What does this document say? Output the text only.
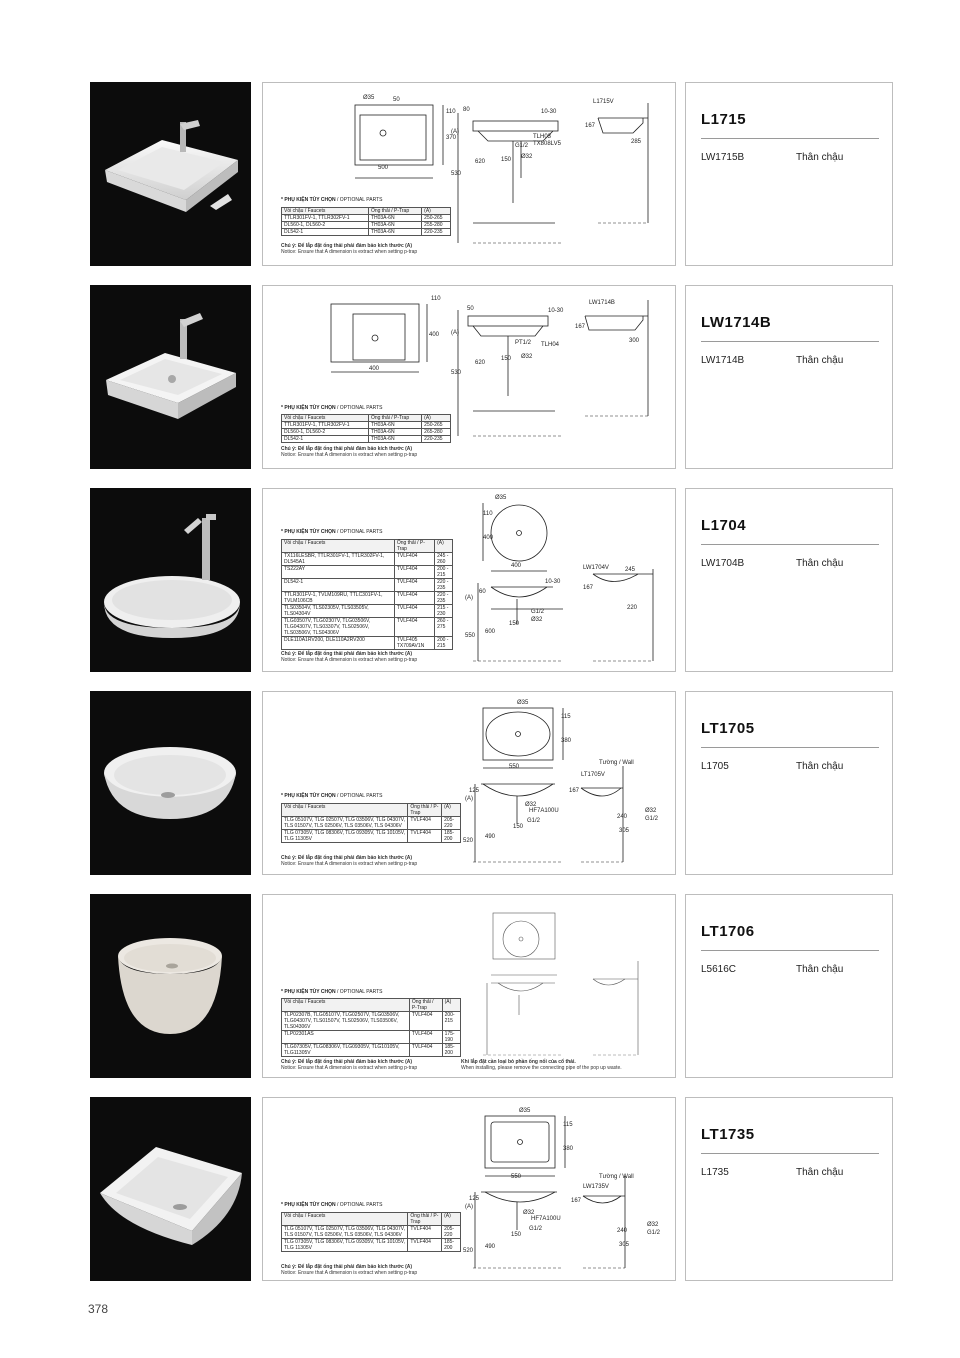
Ø35	50
500
110
370
80	10-30
TLH03
TX808LV5
G1/2
Ø32
150
620
530
(A)
L1715V
167
285
* PHỤ KIỆN TÙY CHỌN / OPTIONAL PARTS
Vòi chậu / Faucets	Ống thải / P-Trap	(A)
TTLR301FV-1, TTLR302FV-1	TH03A-6N	250-265
DL560-1, DL560-2	TH03A-6N	255-280
DL542-1	TH03A-6N	220-235
Chú ý: Để lắp đặt ống thải phải đảm bảo kích thước (A)
Notice: Ensure that A dimension is extract when setting p-trap
L1715
LW1715B	Thân chậu
110
400
400
50	10-30
TLH04
PT1/2
Ø32
150
620
530
(A)
LW1714B
167
300
* PHỤ KIỆN TÙY CHỌN / OPTIONAL PARTS
Vòi chậu / Faucets	Ống thải / P-Trap	(A)
TTLR301FV-1, TTLR302FV-1	TH03A-6N	250-265
DL560-1, DL560-2	TH03A-6N	265-280
DL542-1	TH03A-6N	220-235
Chú ý: Để lắp đặt ống thải phải đảm bảo kích thước (A)
Notice: Ensure that A dimension is extract when setting p-trap
LW1714B
LW1714B	Thân chậu
Ø35
110
400
400
60
10-30
G1/2
Ø32
150
600
550
(A)
LW1704V
167
245
220
* PHỤ KIỆN TÙY CHỌN / OPTIONAL PARTS
Vòi chậu / Faucets	Ống thải / P-Trap	(A)
TX116LESBR, TTLR301FV-1, TTLR302FV-1, DL545A1	TVLF404	245 - 260
TS222AY	TVLF404	200 - 215
DL542-1	TVLF404	220 - 235
TTLR301FV-1, TVLM109RU, TTLC301FV-1, TVLM106CB	TVLF404	220 - 235
TLS03504V, TLS02305V, TLS03505V, TLS04304V	TVLF404	215 - 230
TLG03507V, TLG02307V, TLG03506V, TLG04307V, TLS03307V, TLS02506V, TLS03506V, TLS04306V	TVLF404	260 - 275
DLE110A1RV200, DLE110A2RV200	TVLF405 TX709AV1N	200 - 215
Chú ý: Để lắp đặt ống thải phải đảm bảo kích thước (A)
Notice: Ensure that A dimension is extract when setting p-trap
L1704
LW1704B	Thân chậu
Ø35
115
380
550
125
Ø32
HF7A100U
G1/2
150
490
520
(A)
Tường / Wall
LT1705V
167
240
305
Ø32
G1/2
* PHỤ KIỆN TÙY CHỌN / OPTIONAL PARTS
Vòi chậu / Faucets	Ống thải / P-Trap	(A)
TLG 05107V, TLG 02507V, TLG 03506V, TLG 04307V, TLS 01507V, TLS 02506V, TLS 03506V, TLS 04306V	TVLF404	205-220
TLG 07305V, TLG 08306V, TLG 09305V, TLG 10105V, TLG 11305V	TVLF404	185-200
Chú ý: Để lắp đặt ống thải phải đảm bảo kích thước (A)
Notice: Ensure that A dimension is extract when setting p-trap
LT1705
L1705	Thân chậu
* PHỤ KIỆN TÙY CHỌN / OPTIONAL PARTS
Vòi chậu / Faucets	Ống thải / P-Trap	(A)
TLP02307B, TLG05107V, TLG02507V, TLG03506V, TLG04307V, TLS01507V, TLS02506V, TLS03506V, TLS04306V	TVLF404	200-215
TLP02301AS	TVLF404	175-190
TLG07305V, TLG08306V, TLG09305V, TLG10105V, TLG11305V	TVLF404	185-200
Chú ý: Để lắp đặt ống thải phải đảm bảo kích thước (A)
Notice: Ensure that A dimension is extract when setting p-trap
Khi lắp đặt cần loại bỏ phần ống nối của cổ thải.
When installing, please remove the connecting pipe of the pop up waste.
LT1706
L5616C	Thân chậu
Ø35
115
380
550
125
Ø32
HF7A100U
G1/2
150
490
520
(A)
Tường / Wall
LW1735V
167
240
305
Ø32
G1/2
* PHỤ KIỆN TÙY CHỌN / OPTIONAL PARTS
Vòi chậu / Faucets	Ống thải / P-Trap	(A)
TLG 05107V, TLG 02507V, TLG 03506V, TLG 04307V, TLS 01507V, TLS 02506V, TLS 03506V, TLS 04306V	TVLF404	205-220
TLG 07305V, TLG 08306V, TLG 09305V, TLG 10105V, TLG 11305V	TVLF404	185-200
Chú ý: Để lắp đặt ống thải phải đảm bảo kích thước (A)
Notice: Ensure that A dimension is extract when setting p-trap
LT1735
L1735	Thân chậu
378
